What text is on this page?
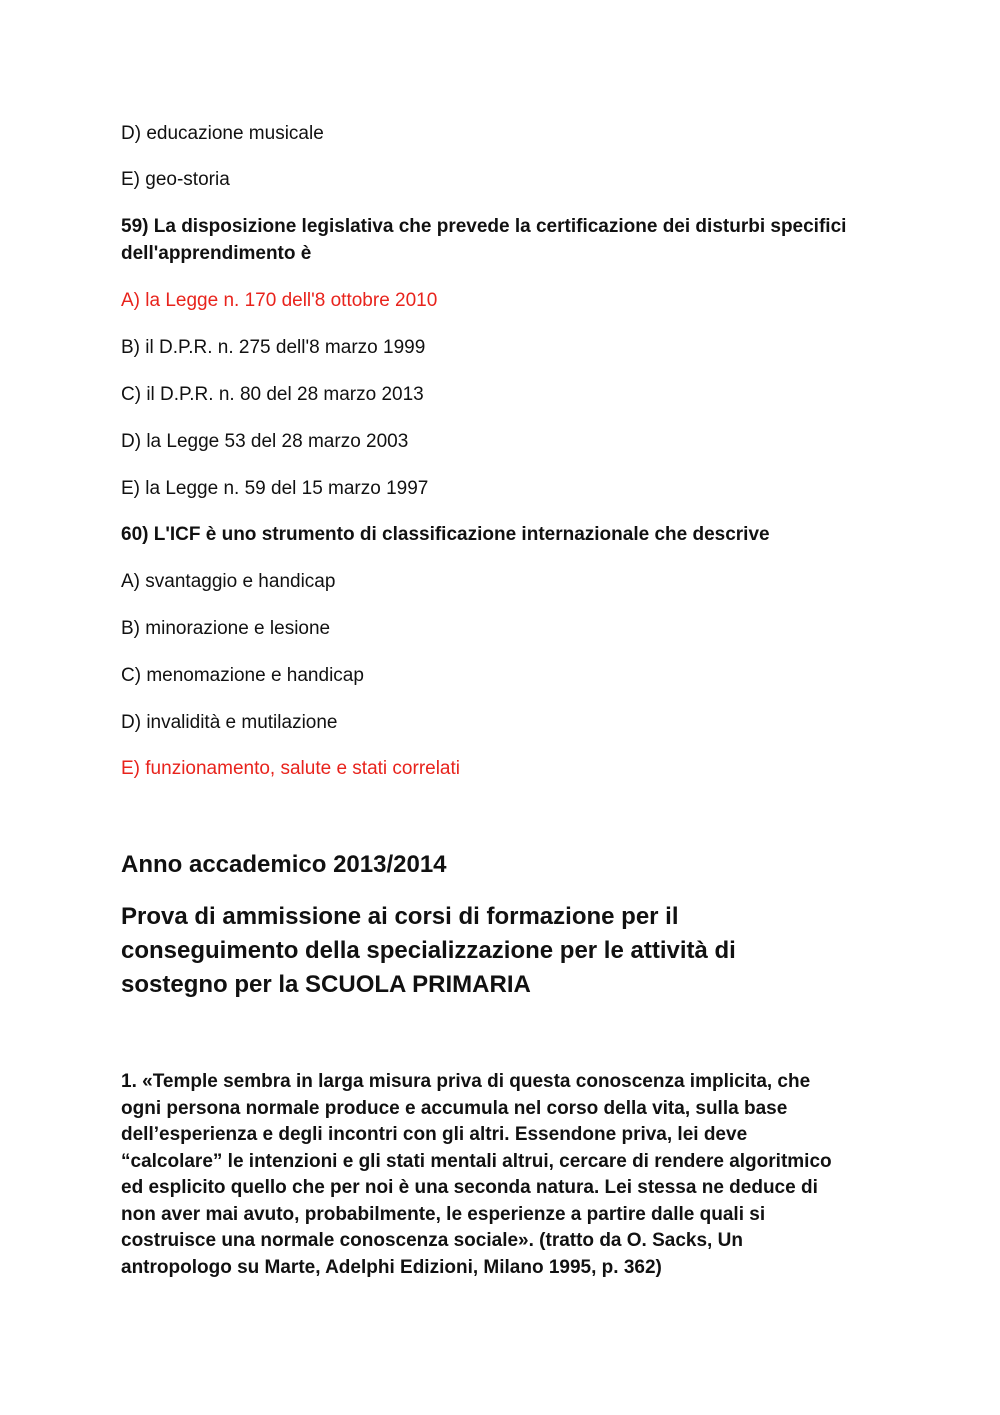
D) educazione musicale
E) geo-storia
59) La disposizione legislativa che prevede la certificazione dei disturbi specifici dell'apprendimento è
A) la Legge n. 170 dell'8 ottobre 2010
B) il D.P.R. n. 275 dell'8 marzo 1999
C) il D.P.R. n. 80 del 28 marzo 2013
D) la Legge 53 del 28 marzo 2003
E) la Legge n. 59 del 15 marzo 1997
60) L'ICF è uno strumento di classificazione internazionale che descrive
A) svantaggio e handicap
B) minorazione e lesione
C) menomazione e handicap
D) invalidità e mutilazione
E) funzionamento, salute e stati correlati
Anno accademico 2013/2014
Prova di ammissione ai corsi di formazione per il
conseguimento della specializzazione per le attività di
sostegno per la SCUOLA PRIMARIA
1. «Temple sembra in larga misura priva di questa conoscenza implicita, che
ogni persona normale produce e accumula nel corso della vita, sulla base
dell’esperienza e degli incontri con gli altri. Essendone priva, lei deve
“calcolare” le intenzioni e gli stati mentali altrui, cercare di rendere algoritmico
ed esplicito quello che per noi è una seconda natura. Lei stessa ne deduce di
non aver mai avuto, probabilmente, le esperienze a partire dalle quali si
costruisce una normale conoscenza sociale». (tratto da O. Sacks, Un
antropologo su Marte, Adelphi Edizioni, Milano 1995, p. 362)
